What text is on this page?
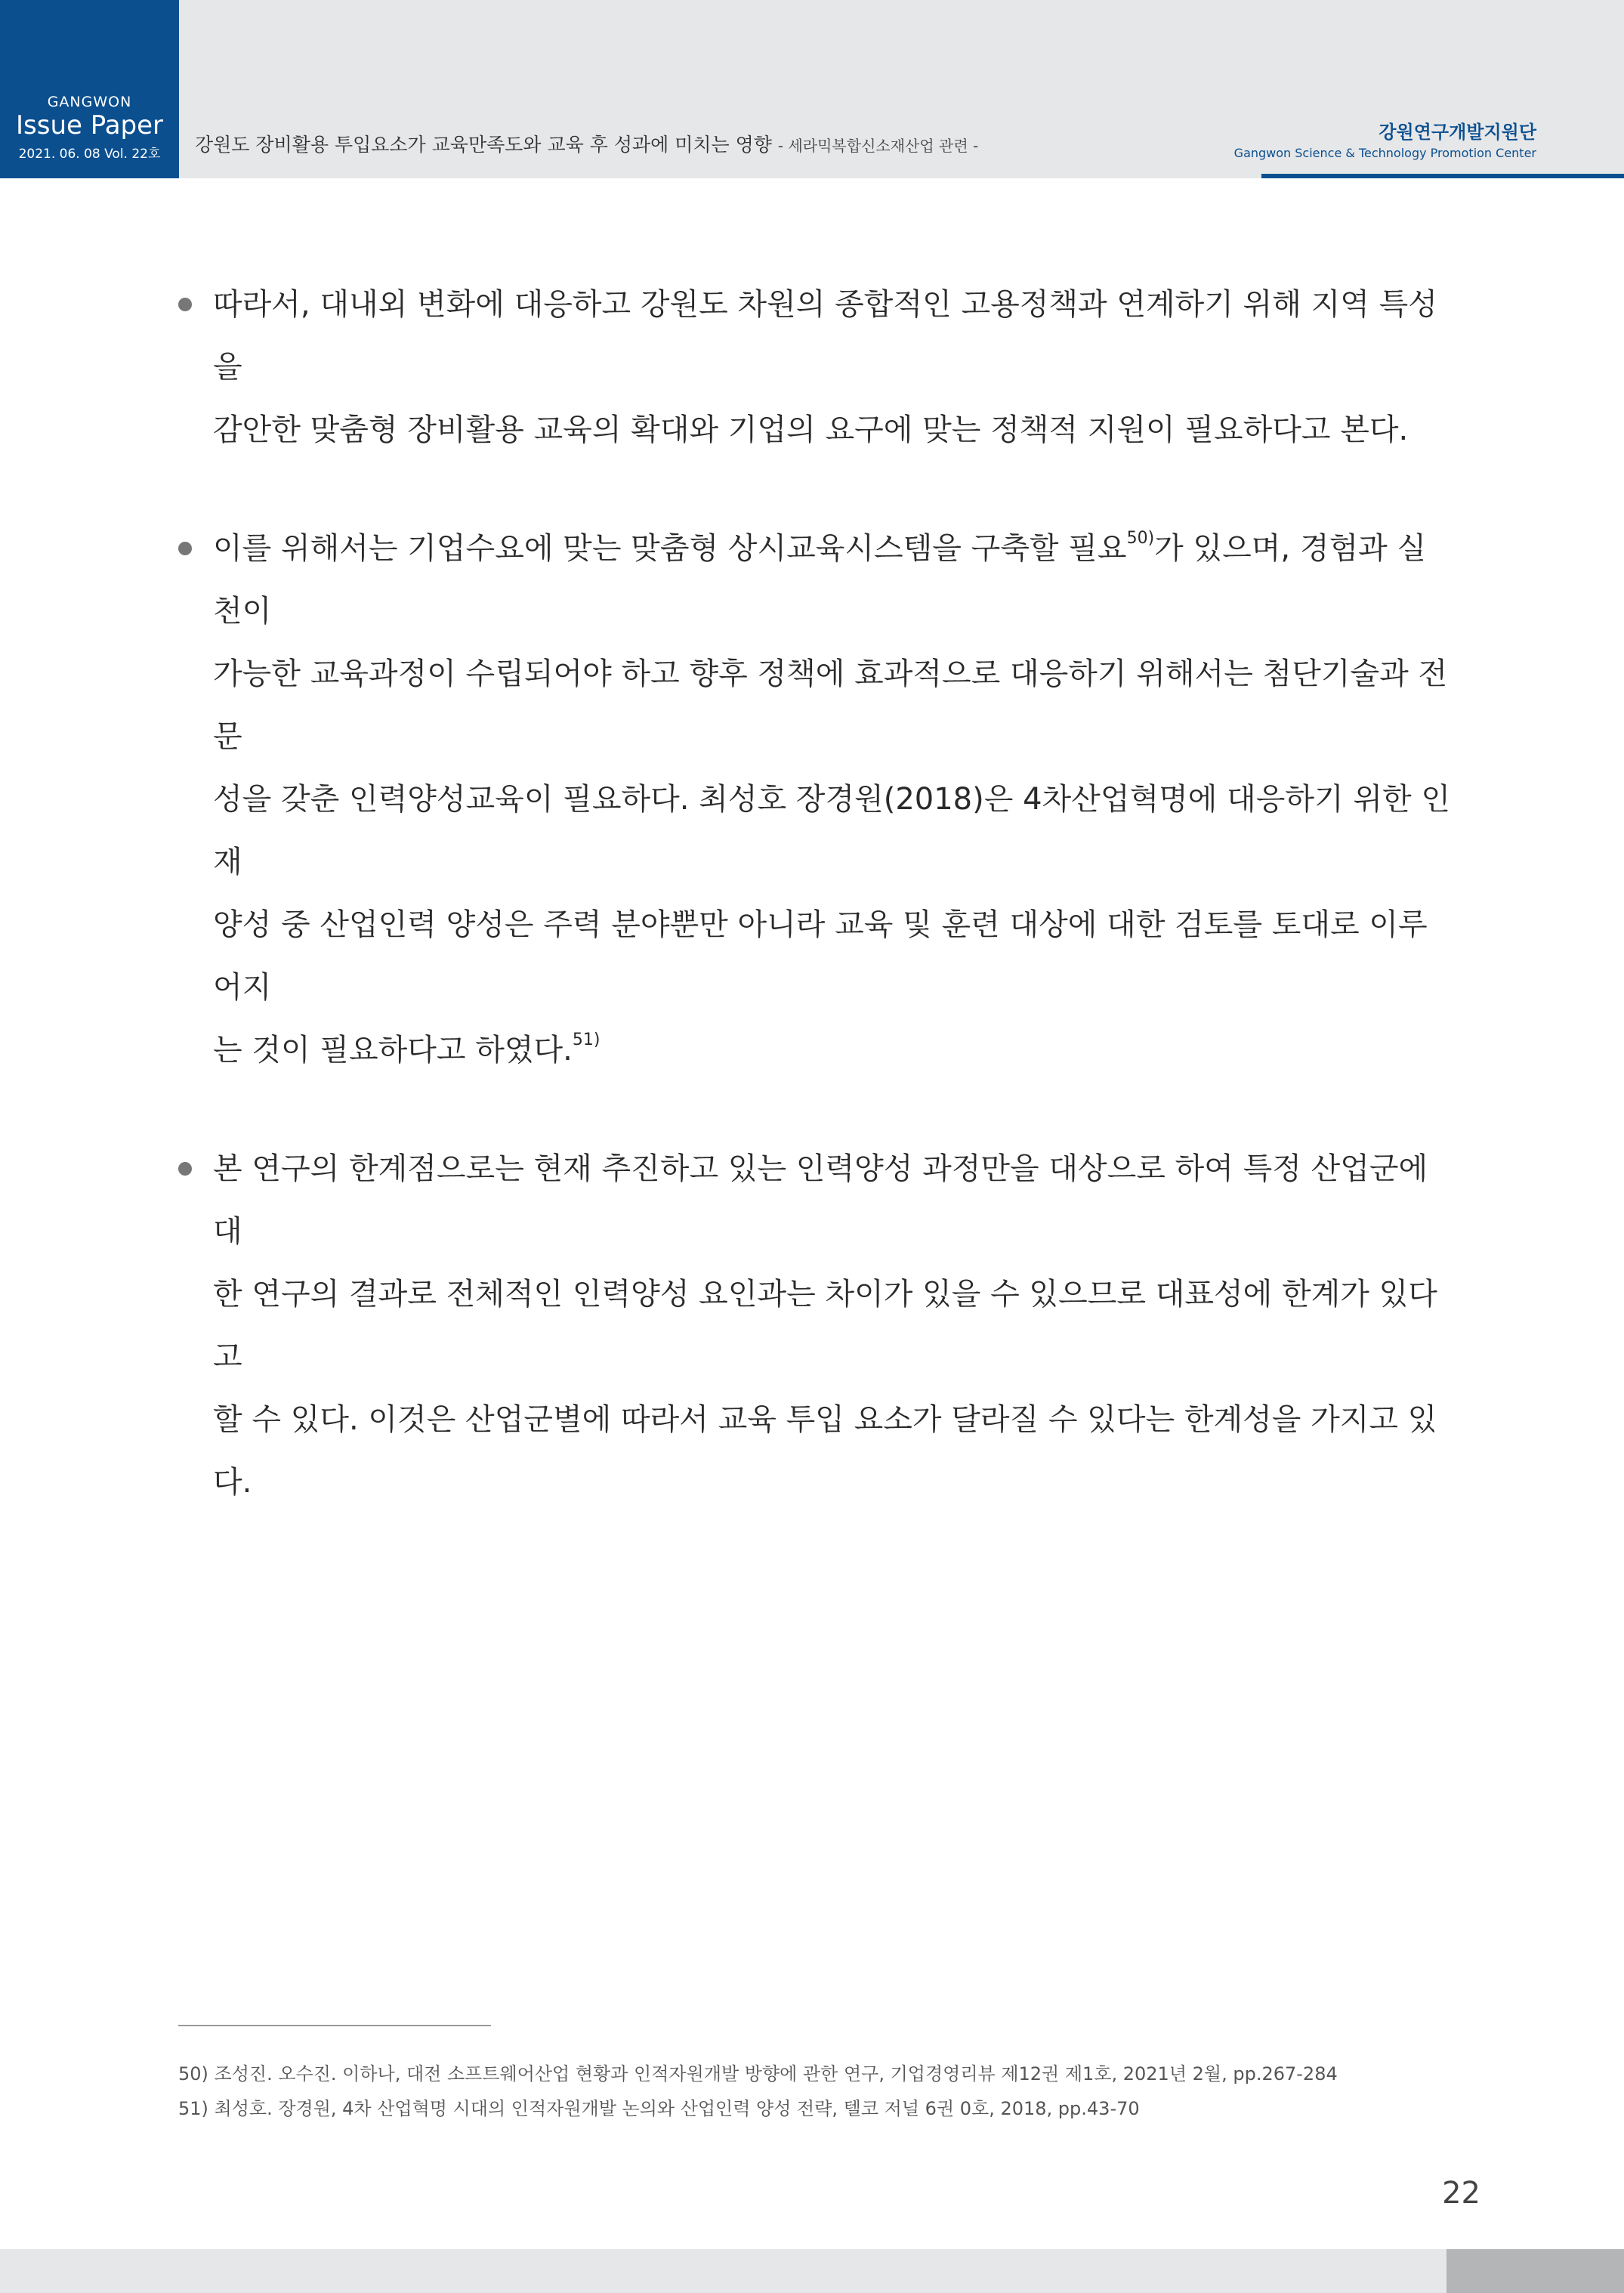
GANGWON
Issue Paper
2021. 06. 08 Vol. 22호	강원도 장비활용 투입요소가 교육만족도와 교육 후 성과에 미치는 영향 - 세라믹복합신소재산업 관련 -
강원연구개발지원단
Gangwon Science & Technology Promotion Center
따라서, 대내외 변화에 대응하고 강원도 차원의 종합적인 고용정책과 연계하기 위해 지역 특성을
감안한 맞춤형 장비활용 교육의 확대와 기업의 요구에 맞는 정책적 지원이 필요하다고 본다.
이를 위해서는 기업수요에 맞는 맞춤형 상시교육시스템을 구축할 필요$^{50)}$가 있으며, 경험과 실천이
가능한 교육과정이 수립되어야 하고 향후 정책에 효과적으로 대응하기 위해서는 첨단기술과 전문
성을 갖춘 인력양성교육이 필요하다. 최성호 장경원(2018)은 4차산업혁명에 대응하기 위한 인재
양성 중 산업인력 양성은 주력 분야뿐만 아니라 교육 및 훈련 대상에 대한 검토를 토대로 이루어지
는 것이 필요하다고 하였다.$^{51)}$
본 연구의 한계점으로는 현재 추진하고 있는 인력양성 과정만을 대상으로 하여 특정 산업군에 대
한 연구의 결과로 전체적인 인력양성 요인과는 차이가 있을 수 있으므로 대표성에 한계가 있다고
할 수 있다. 이것은 산업군별에 따라서 교육 투입 요소가 달라질 수 있다는 한계성을 가지고 있다.
50) 조성진. 오수진. 이하나, 대전 소프트웨어산업 현황과 인적자원개발 방향에 관한 연구, 기업경영리뷰 제12권 제1호, 2021년 2월, pp.267-284
51) 최성호. 장경원, 4차 산업혁명 시대의 인적자원개발 논의와 산업인력 양성 전략, 텔코 저널 6권 0호, 2018, pp.43-70
22
